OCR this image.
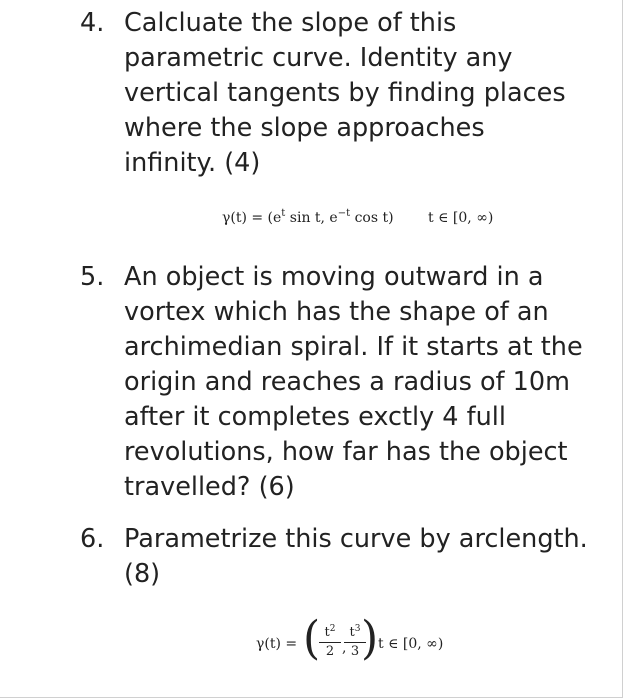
4. Calcluate the slope of this
parametric curve. Identity any
vertical tangents by finding places
where the slope approaches
infinity. (4)
$\gamma(t) = (e^t$ sin t, $e^{-t}$ cos t) t ∈ [0, ∞)
5. An object is moving outward in a
vortex which has the shape of an
archimedian spiral. If it starts at the
origin and reaches a radius of 10m
after it completes exctly 4 full
revolutions, how far has the object
travelled? (6)
6. Parametrize this curve by arclength.
(8)
γ(t) = (
$\frac{t^2}{2}$ ,
$\frac{t^3}{3}$
) t ∈ [0, ∞)
